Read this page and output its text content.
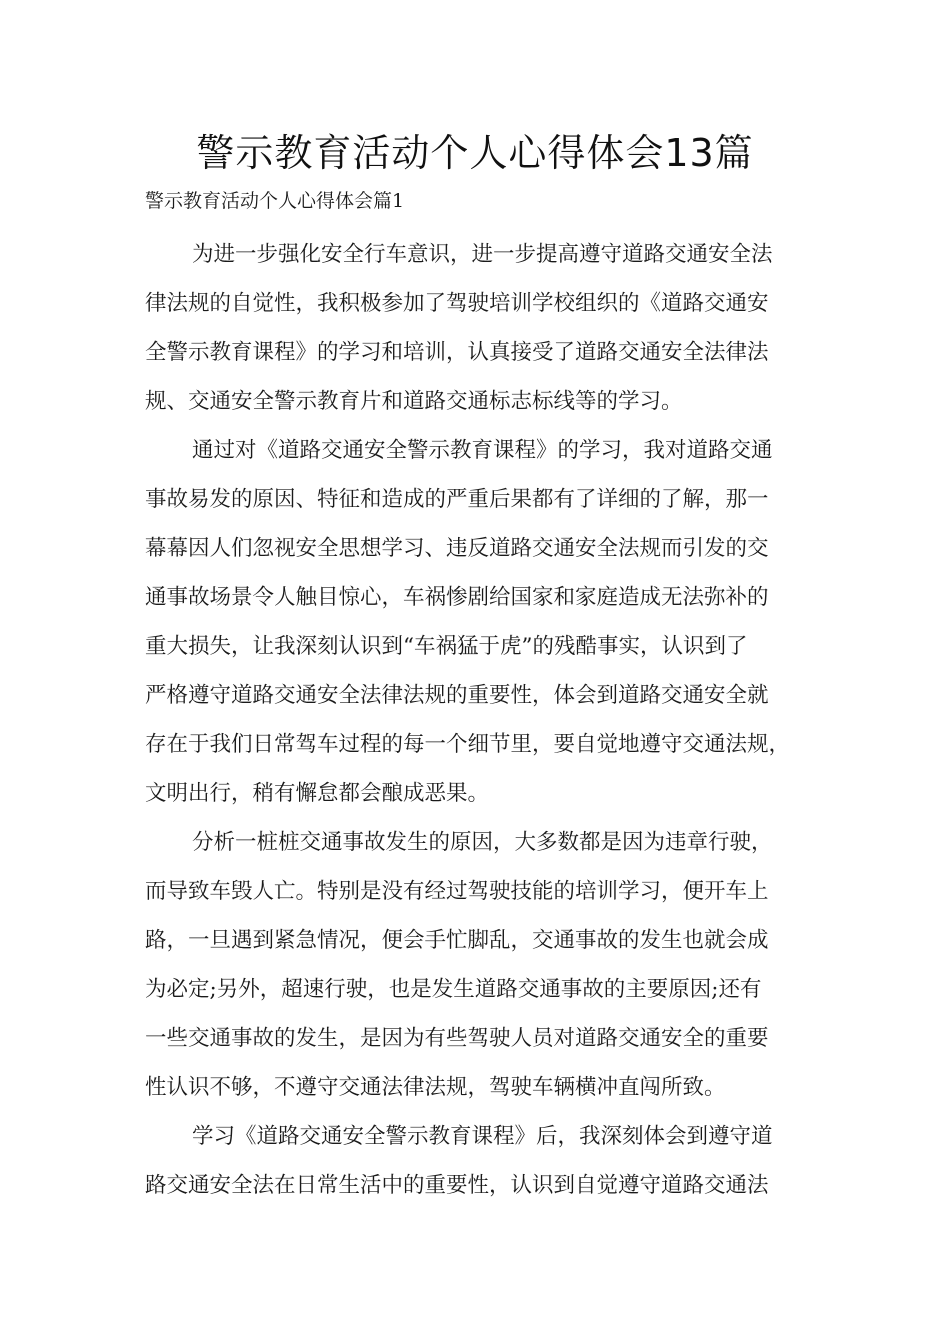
警示教育活动个人心得体会13篇
警示教育活动个人心得体会篇1
为进一步强化安全行车意识，进一步提高遵守道路交通安全法
律法规的自觉性，我积极参加了驾驶培训学校组织的《道路交通安
全警示教育课程》的学习和培训，认真接受了道路交通安全法律法
规、交通安全警示教育片和道路交通标志标线等的学习。
通过对《道路交通安全警示教育课程》的学习，我对道路交通
事故易发的原因、特征和造成的严重后果都有了详细的了解，那一
幕幕因人们忽视安全思想学习、违反道路交通安全法规而引发的交
通事故场景令人触目惊心，车祸惨剧给国家和家庭造成无法弥补的
重大损失，让我深刻认识到“车祸猛于虎”的残酷事实，认识到了
严格遵守道路交通安全法律法规的重要性，体会到道路交通安全就
存在于我们日常驾车过程的每一个细节里，要自觉地遵守交通法规，
文明出行，稍有懈怠都会酿成恶果。
分析一桩桩交通事故发生的原因，大多数都是因为违章行驶，
而导致车毁人亡。特别是没有经过驾驶技能的培训学习，便开车上
路，一旦遇到紧急情况，便会手忙脚乱，交通事故的发生也就会成
为必定;另外，超速行驶，也是发生道路交通事故的主要原因;还有
一些交通事故的发生，是因为有些驾驶人员对道路交通安全的重要
性认识不够，不遵守交通法律法规，驾驶车辆横冲直闯所致。
学习《道路交通安全警示教育课程》后，我深刻体会到遵守道
路交通安全法在日常生活中的重要性，认识到自觉遵守道路交通法
